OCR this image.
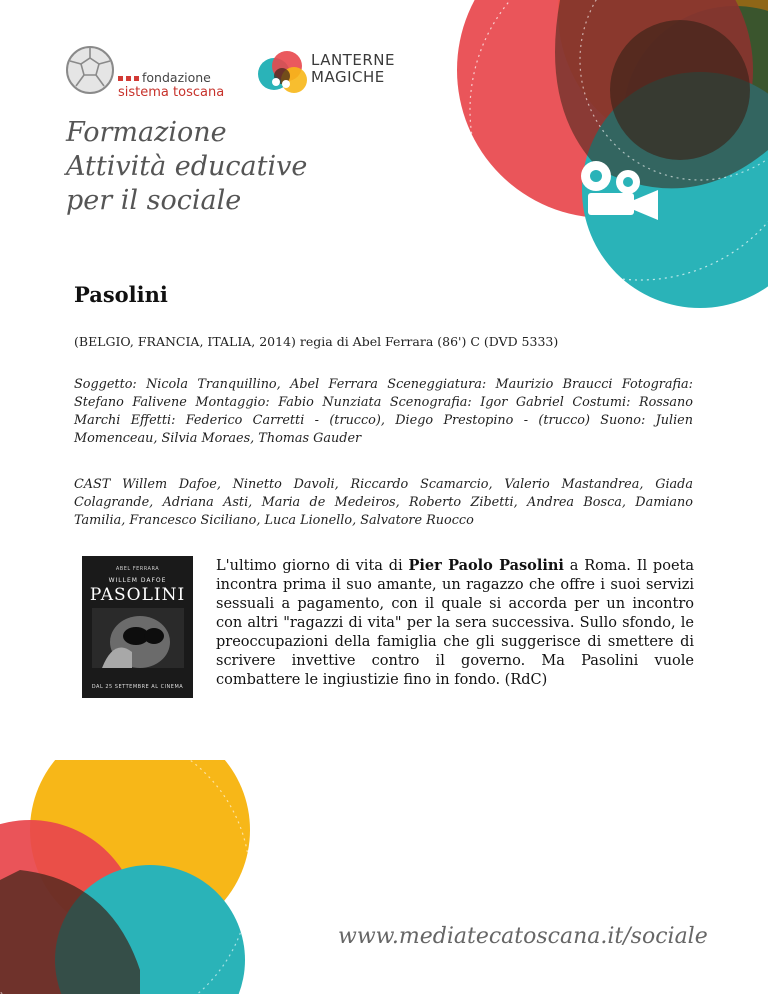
fondazione
sistema toscana
LANTERNE
MAGICHE
Formazione
Attività educative
per il sociale
Pasolini
(BELGIO, FRANCIA, ITALIA, 2014) regia di Abel Ferrara (86') C (DVD 5333)
Soggetto: Nicola Tranquillino, Abel Ferrara Sceneggiatura: Maurizio Braucci Fotografia: Stefano Falivene Montaggio: Fabio Nunziata Scenografia: Igor Gabriel Costumi: Rossano Marchi Effetti: Federico Carretti - (trucco), Diego Prestopino - (trucco) Suono: Julien Momenceau, Silvia Moraes, Thomas Gauder
CAST Willem Dafoe, Ninetto Davoli, Riccardo Scamarcio, Valerio Mastandrea, Giada Colagrande, Adriana Asti, Maria de Medeiros, Roberto Zibetti, Andrea Bosca, Damiano Tamilia, Francesco Siciliano, Luca Lionello, Salvatore Ruocco
ABEL FERRARA
WILLEM DAFOE
PASOLINI
DAL 25 SETTEMBRE AL CINEMA
L'ultimo giorno di vita di Pier Paolo Pasolini a Roma. Il poeta incontra prima il suo amante, un ragazzo che offre i suoi servizi sessuali a pagamento, con il quale si accorda per un incontro con altri "ragazzi di vita" per la sera successiva. Sullo sfondo, le preoccupazioni della famiglia che gli suggerisce di smettere di scrivere invettive contro il governo. Ma Pasolini vuole combattere le ingiustizie fino in fondo. (RdC)
www.mediatecatoscana.it/sociale
